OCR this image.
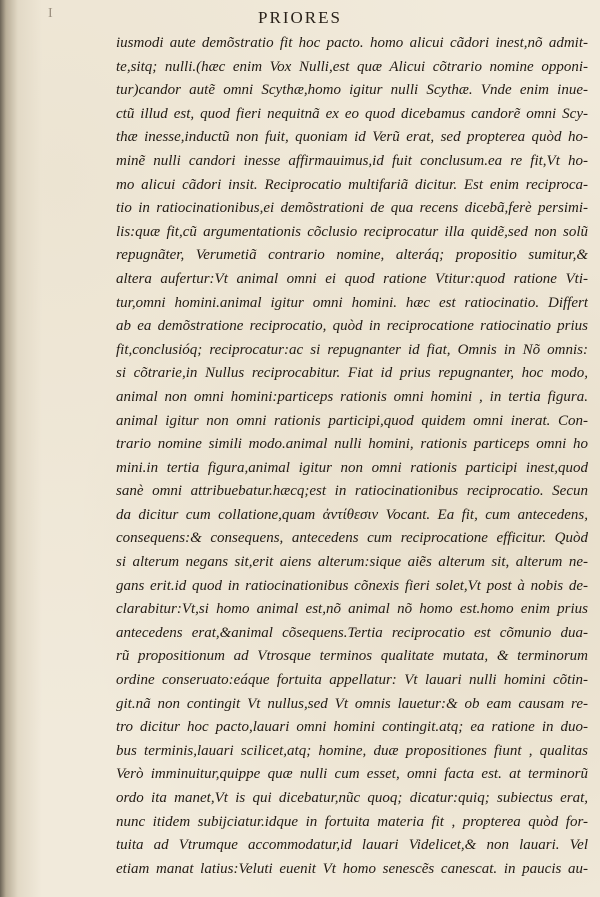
I	PRIORES
iusmodi aute demõstratio fit hoc pacto. homo alicui cãdori inest,nõ admit-
te,sitq; nulli.(hæc enim Vox Nulli,est quæ Alicui cõtrario nomine opponi-
tur)candor autẽ omni Scythæ,homo igitur nulli Scythæ. Vnde enim inue-
ctũ illud est, quod fieri nequitnã ex eo quod dicebamus candorẽ omni Scy-
thæ inesse,inductũ non fuit, quoniam id Verũ erat, sed propterea quòd ho-
minẽ nulli candori inesse affirmauimus,id fuit conclusum.ea re fit,Vt ho-
mo alicui cãdori insit. Reciprocatio multifariã dicitur. Est enim reciproca-
tio in ratiocinationibus,ei demõstrationi de qua recens dicebã,ferè persimi-
lis:quæ fit,cũ argumentationis cõclusio reciprocatur illa quidẽ,sed non solũ
repugnãter, Verumetiã contrario nomine, alteráq; propositio sumitur,&
altera aufertur:Vt animal omni ei quod ratione Vtitur:quod ratione Vti-
tur,omni homini.animal igitur omni homini. hæc est ratiocinatio. Differt
ab ea demõstratione reciprocatio, quòd in reciprocatione ratiocinatio prius
fit,conclusióq; reciprocatur:ac si repugnanter id fiat, Omnis in Nõ omnis:
si cõtrarie,in Nullus reciprocabitur. Fiat id prius repugnanter, hoc modo,
animal non omni homini:particeps rationis omni homini , in tertia figura.
animal igitur non omni rationis participi,quod quidem omni inerat. Con-
trario nomine simili modo.animal nulli homini, rationis particeps omni ho
mini.in tertia figura,animal igitur non omni rationis participi inest,quod
sanè omni attribuebatur.hæcq;est in ratiocinationibus reciprocatio. Secun
da dicitur cum collatione,quam ἀντίθεσιν Vocant. Ea fit, cum antecedens,
consequens:& consequens, antecedens cum reciprocatione efficitur. Quòd
si alterum negans sit,erit aiens alterum:sique aiẽs alterum sit, alterum ne-
gans erit.id quod in ratiocinationibus cõnexis fieri solet,Vt post à nobis de-
clarabitur:Vt,si homo animal est,nõ animal nõ homo est.homo enim prius
antecedens erat,&animal cõsequens.Tertia reciprocatio est cõmunio dua-
rũ propositionum ad Vtrosque terminos qualitate mutata, & terminorum
ordine conseruato:eáque fortuita appellatur: Vt lauari nulli homini cõtin-
git.nã non contingit Vt nullus,sed Vt omnis lauetur:& ob eam causam re-
tro dicitur hoc pacto,lauari omni homini contingit.atq; ea ratione in duo-
bus terminis,lauari scilicet,atq; homine, duæ propositiones fiunt , qualitas
Verò imminuitur,quippe quæ nulli cum esset, omni facta est. at terminorũ
ordo ita manet,Vt is qui dicebatur,nũc quoq; dicatur:quiq; subiectus erat,
nunc itidem subijciatur.idque in fortuita materia fit , propterea quòd for-
tuita ad Vtrumque accommodatur,id lauari Videlicet,& non lauari. Vel
etiam manat latius:Veluti euenit Vt homo senescẽs canescat. in paucis au-
